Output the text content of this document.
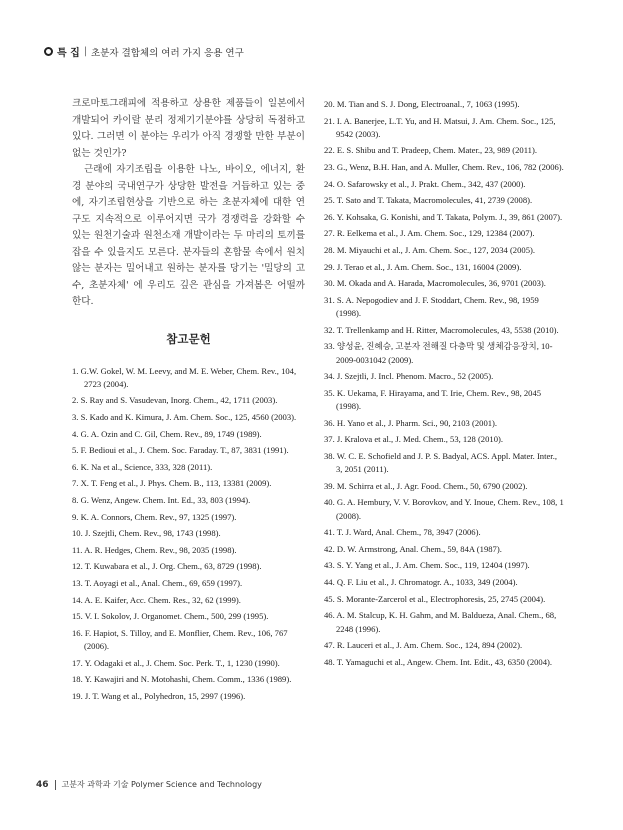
특 집 | 초분자 결합체의 여러 가지 응용 연구

크로마토그래피에 적용하고 상용한 제품들이 일본에서 개발되어 카이랄 분리 정제기기분야를 상당히 독점하고 있다. 그러면 이 분야는 우리가 아직 경쟁할 만한 부분이 없는 것인가?

근래에 자기조립을 이용한 나노, 바이오, 에너지, 환경 분야의 국내연구가 상당한 발전을 거듭하고 있는 중에, 자기조립현상을 기반으로 하는 초분자체에 대한 연구도 지속적으로 이루어지면 국가 경쟁력을 강화할 수 있는 원천기술과 원천소재 개발이라는 두 마리의 토끼를 잡을 수 있을지도 모른다. 분자들의 혼합물 속에서 원치 않는 분자는 밀어내고 원하는 분자를 당기는 '밀당의 고수, 초분자체' 에 우리도 깊은 관심을 가져봄은 어떨까 한다.

참고문헌
1. G.W. Gokel, W. M. Leevy, and M. E. Weber, Chem. Rev., 104, 2723 (2004).
2. S. Ray and S. Vasudevan, Inorg. Chem., 42, 1711 (2003).
3. S. Kado and K. Kimura, J. Am. Chem. Soc., 125, 4560 (2003).
4. G. A. Ozin and C. Gil, Chem. Rev., 89, 1749 (1989).
5. F. Bedioui et al., J. Chem. Soc. Faraday. T., 87, 3831 (1991).
6. K. Na et al., Science, 333, 328 (2011).
7. X. T. Feng et al., J. Phys. Chem. B., 113, 13381 (2009).
8. G. Wenz, Angew. Chem. Int. Ed., 33, 803 (1994).
9. K. A. Connors, Chem. Rev., 97, 1325 (1997).
10. J. Szejtli, Chem. Rev., 98, 1743 (1998).
11. A. R. Hedges, Chem. Rev., 98, 2035 (1998).
12. T. Kuwabara et al., J. Org. Chem., 63, 8729 (1998).
13. T. Aoyagi et al., Anal. Chem., 69, 659 (1997).
14. A. E. Kaifer, Acc. Chem. Res., 32, 62 (1999).
15. V. I. Sokolov, J. Organomet. Chem., 500, 299 (1995).
16. F. Hapiot, S. Tilloy, and E. Monflier, Chem. Rev., 106, 767 (2006).
17. Y. Odagaki et al., J. Chem. Soc. Perk. T., 1, 1230 (1990).
18. Y. Kawajiri and N. Motohashi, Chem. Comm., 1336 (1989).
19. J. T. Wang et al., Polyhedron, 15, 2997 (1996).
20. M. Tian and S. J. Dong, Electroanal., 7, 1063 (1995).
21. I. A. Banerjee, L.T. Yu, and H. Matsui, J. Am. Chem. Soc., 125, 9542 (2003).
22. E. S. Shibu and T. Pradeep, Chem. Mater., 23, 989 (2011).
23. G., Wenz, B.H. Han, and A. Muller, Chem. Rev., 106, 782 (2006).
24. O. Safarowsky et al., J. Prakt. Chem., 342, 437 (2000).
25. T. Sato and T. Takata, Macromolecules, 41, 2739 (2008).
26. Y. Kohsaka, G. Konishi, and T. Takata, Polym. J., 39, 861 (2007).
27. R. Eelkema et al., J. Am. Chem. Soc., 129, 12384 (2007).
28. M. Miyauchi et al., J. Am. Chem. Soc., 127, 2034 (2005).
29. J. Terao et al., J. Am. Chem. Soc., 131, 16004 (2009).
30. M. Okada and A. Harada, Macromolecules, 36, 9701 (2003).
31. S. A. Nepogodiev and J. F. Stoddart, Chem. Rev., 98, 1959 (1998).
32. T. Trellenkamp and H. Ritter, Macromolecules, 43, 5538 (2010).
33. 양성윤, 진혜승, 고분자 전해질 다층막 및 생체감응장치, 10-2009-0031042 (2009).
34. J. Szejtli, J. Incl. Phenom. Macro., 52 (2005).
35. K. Uekama, F. Hirayama, and T. Irie, Chem. Rev., 98, 2045 (1998).
36. H. Yano et al., J. Pharm. Sci., 90, 2103 (2001).
37. J. Kralova et al., J. Med. Chem., 53, 128 (2010).
38. W. C. E. Schofield and J. P. S. Badyal, ACS. Appl. Mater. Inter., 3, 2051 (2011).
39. M. Schirra et al., J. Agr. Food. Chem., 50, 6790 (2002).
40. G. A. Hembury, V. V. Borovkov, and Y. Inoue, Chem. Rev., 108, 1 (2008).
41. T. J. Ward, Anal. Chem., 78, 3947 (2006).
42. D. W. Armstrong, Anal. Chem., 59, 84A (1987).
43. S. Y. Yang et al., J. Am. Chem. Soc., 119, 12404 (1997).
44. Q. F. Liu et al., J. Chromatogr. A., 1033, 349 (2004).
45. S. Morante-Zarcerol et al., Electrophoresis, 25, 2745 (2004).
46. A. M. Stalcup, K. H. Gahm, and M. Baldueza, Anal. Chem., 68, 2248 (1996).
47. R. Lauceri et al., J. Am. Chem. Soc., 124, 894 (2002).
48. T. Yamaguchi et al., Angew. Chem. Int. Edit., 43, 6350 (2004).
46 고분자 과학과 기술 Polymer Science and Technology
